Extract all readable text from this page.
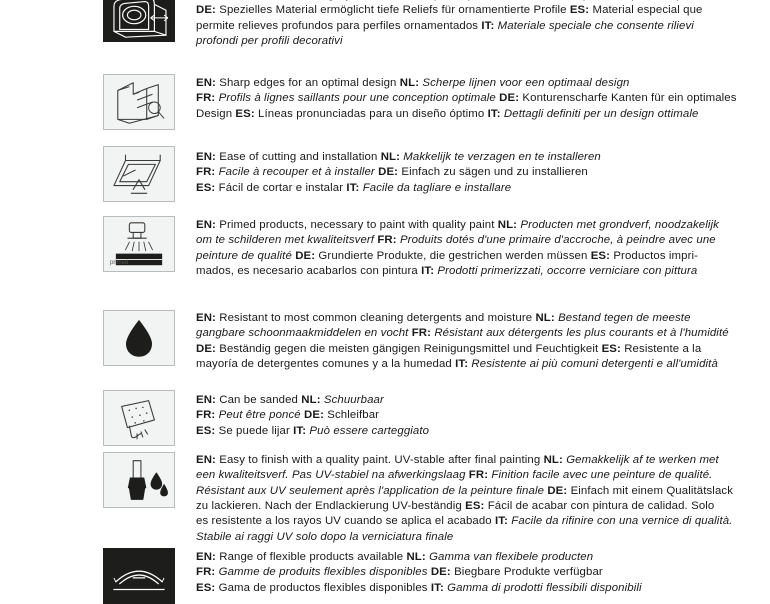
DE: Spezielles Material ermöglicht tiefe Reliefs für ornamentierte Profile ES: Material especial que

permite relieves profundos para perfiles ornamentados IT: Materiale speciale che consente rilievi

profondi per profili decorativi

EN: Sharp edges for an optimal design NL: Scherpe lijnen voor een optimaal design

FR: Profils à lignes saillants pour une conception optimale DE: Konturenscharfe Kanten für ein optimales

Design ES: Líneas pronunciadas para un diseño óptimo IT: Dettagli definiti per un design ottimale

EN: Ease of cutting and installation NL: Makkelijk te verzagen en te installeren

FR: Facile à recouper et à installer DE: Einfach zu sägen und zu installieren

ES: Fácil de cortar e instalar IT: Facile da tagliare e installare

primed

EN: Primed products, necessary to paint with quality paint NL: Producten met grondverf, noodzakelijk

om te schilderen met kwaliteitsverf FR: Produits dotés d'une primaire d'accroche, à peindre avec une

peinture de qualité DE: Grundierte Produkte, die gestrichen werden müssen ES: Productos impri-

mados, es necesario acabarlos con pintura IT: Prodotti primerizzati, occorre verniciare con pittura

EN: Resistant to most common cleaning detergents and moisture NL: Bestand tegen de meeste

gangbare schoonmaakmiddelen en vocht FR: Résistant aux détergents les plus courants et à l'humidité

DE: Beständig gegen die meisten gängigen Reinigungsmittel und Feuchtigkeit ES: Resistente a la

mayoría de detergentes comunes y a la humedad IT: Resistente ai più comuni detergenti e all'umidità

EN: Can be sanded NL: Schuurbaar

FR: Peut être poncé DE: Schleifbar

ES: Se puede lijar IT: Può essere carteggiato

EN: Easy to finish with a quality paint. UV-stable after final painting NL: Gemakkelijk af te werken met

een kwaliteitsverf. Pas UV-stabiel na afwerkingslaag FR: Finition facile avec une peinture de qualité.

Résistant aux UV seulement après l'application de la peinture finale DE: Einfach mit einem Qualitätslack

zu lackieren. Nach der Endlackierung UV-beständig ES: Fácil de acabar con pintura de calidad. Solo

es resistente a los rayos UV cuando se aplica el acabado IT: Facile da rifinire con una vernice di qualità.

Stabile ai raggi UV solo dopo la verniciatura finale

EN: Range of flexible products available NL: Gamma van flexibele producten

FR: Gamme de produits flexibles disponibles DE: Biegbare Produkte verfügbar

ES: Gama de productos flexibles disponibles IT: Gamma di prodotti flessibili disponibili
